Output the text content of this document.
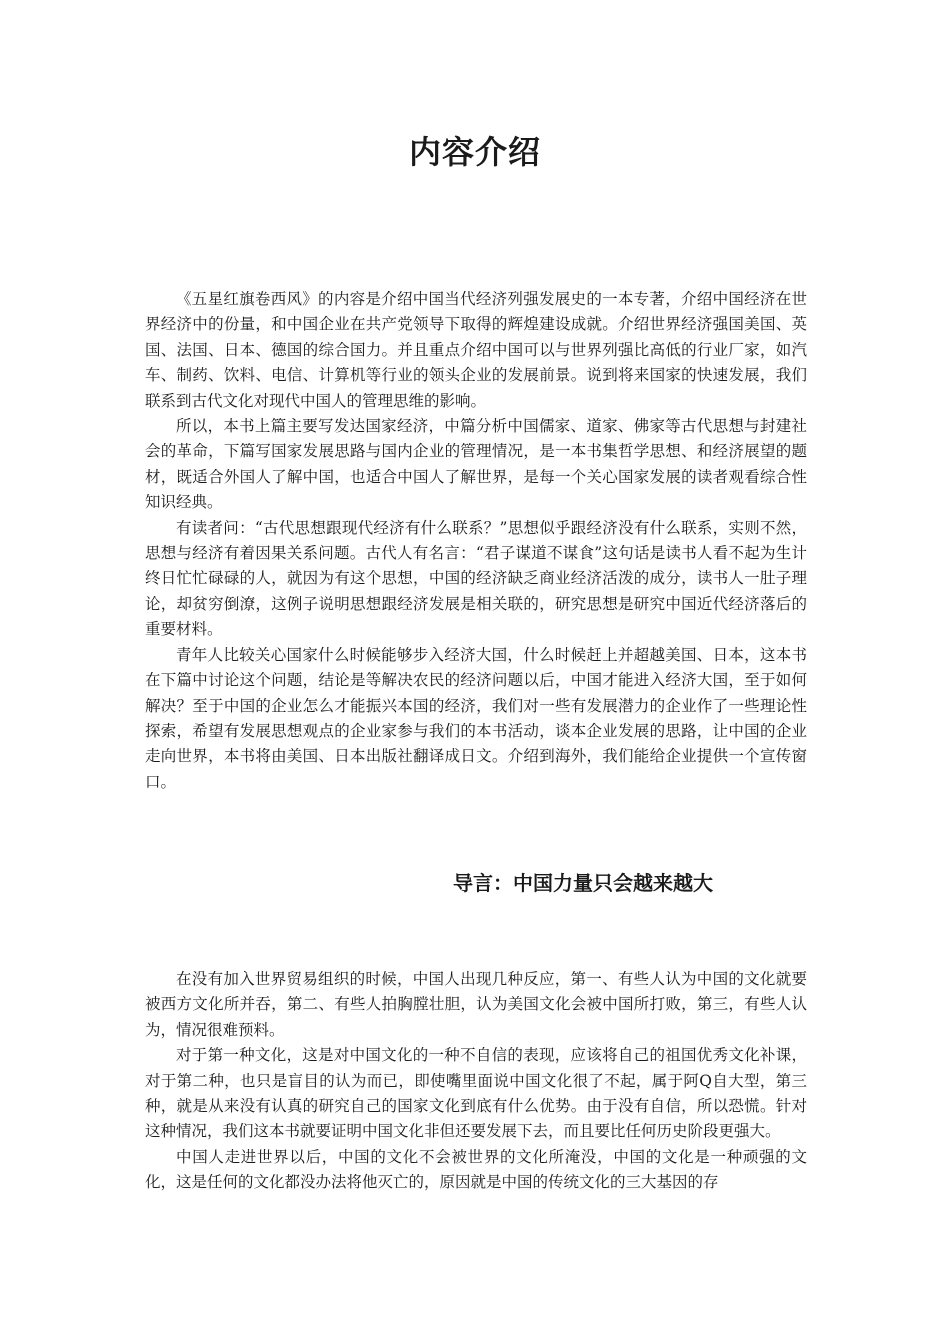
内容介绍

《五星红旗卷西风》的内容是介绍中国当代经济列强发展史的一本专著，介绍中国经济在世界经济中的份量，和中国企业在共产党领导下取得的辉煌建设成就。介绍世界经济强国美国、英国、法国、日本、德国的综合国力。并且重点介绍中国可以与世界列强比高低的行业厂家，如汽车、制药、饮料、电信、计算机等行业的领头企业的发展前景。说到将来国家的快速发展，我们联系到古代文化对现代中国人的管理思维的影响。

所以，本书上篇主要写发达国家经济，中篇分析中国儒家、道家、佛家等古代思想与封建社会的革命，下篇写国家发展思路与国内企业的管理情况，是一本书集哲学思想、和经济展望的题材，既适合外国人了解中国，也适合中国人了解世界，是每一个关心国家发展的读者观看综合性知识经典。

有读者问：“古代思想跟现代经济有什么联系？”思想似乎跟经济没有什么联系，实则不然，思想与经济有着因果关系问题。古代人有名言：“君子谋道不谋食”这句话是读书人看不起为生计终日忙忙碌碌的人，就因为有这个思想，中国的经济缺乏商业经济活泼的成分，读书人一肚子理论，却贫穷倒潦，这例子说明思想跟经济发展是相关联的，研究思想是研究中国近代经济落后的重要材料。

青年人比较关心国家什么时候能够步入经济大国，什么时候赶上并超越美国、日本，这本书在下篇中讨论这个问题，结论是等解决农民的经济问题以后，中国才能进入经济大国，至于如何解决？至于中国的企业怎么才能振兴本国的经济，我们对一些有发展潜力的企业作了一些理论性探索，希望有发展思想观点的企业家参与我们的本书活动，谈本企业发展的思路，让中国的企业走向世界，本书将由美国、日本出版社翻译成日文。介绍到海外，我们能给企业提供一个宣传窗口。

导言：中国力量只会越来越大

在没有加入世界贸易组织的时候，中国人出现几种反应，第一、有些人认为中国的文化就要被西方文化所并吞，第二、有些人拍胸膛壮胆，认为美国文化会被中国所打败，第三，有些人认为，情况很难预料。

对于第一种文化，这是对中国文化的一种不自信的表现，应该将自己的祖国优秀文化补课，对于第二种，也只是盲目的认为而已，即使嘴里面说中国文化很了不起，属于阿Q自大型，第三种，就是从来没有认真的研究自己的国家文化到底有什么优势。由于没有自信，所以恐慌。针对这种情况，我们这本书就要证明中国文化非但还要发展下去，而且要比任何历史阶段更强大。

中国人走进世界以后，中国的文化不会被世界的文化所淹没，中国的文化是一种顽强的文化，这是任何的文化都没办法将他灭亡的，原因就是中国的传统文化的三大基因的存
